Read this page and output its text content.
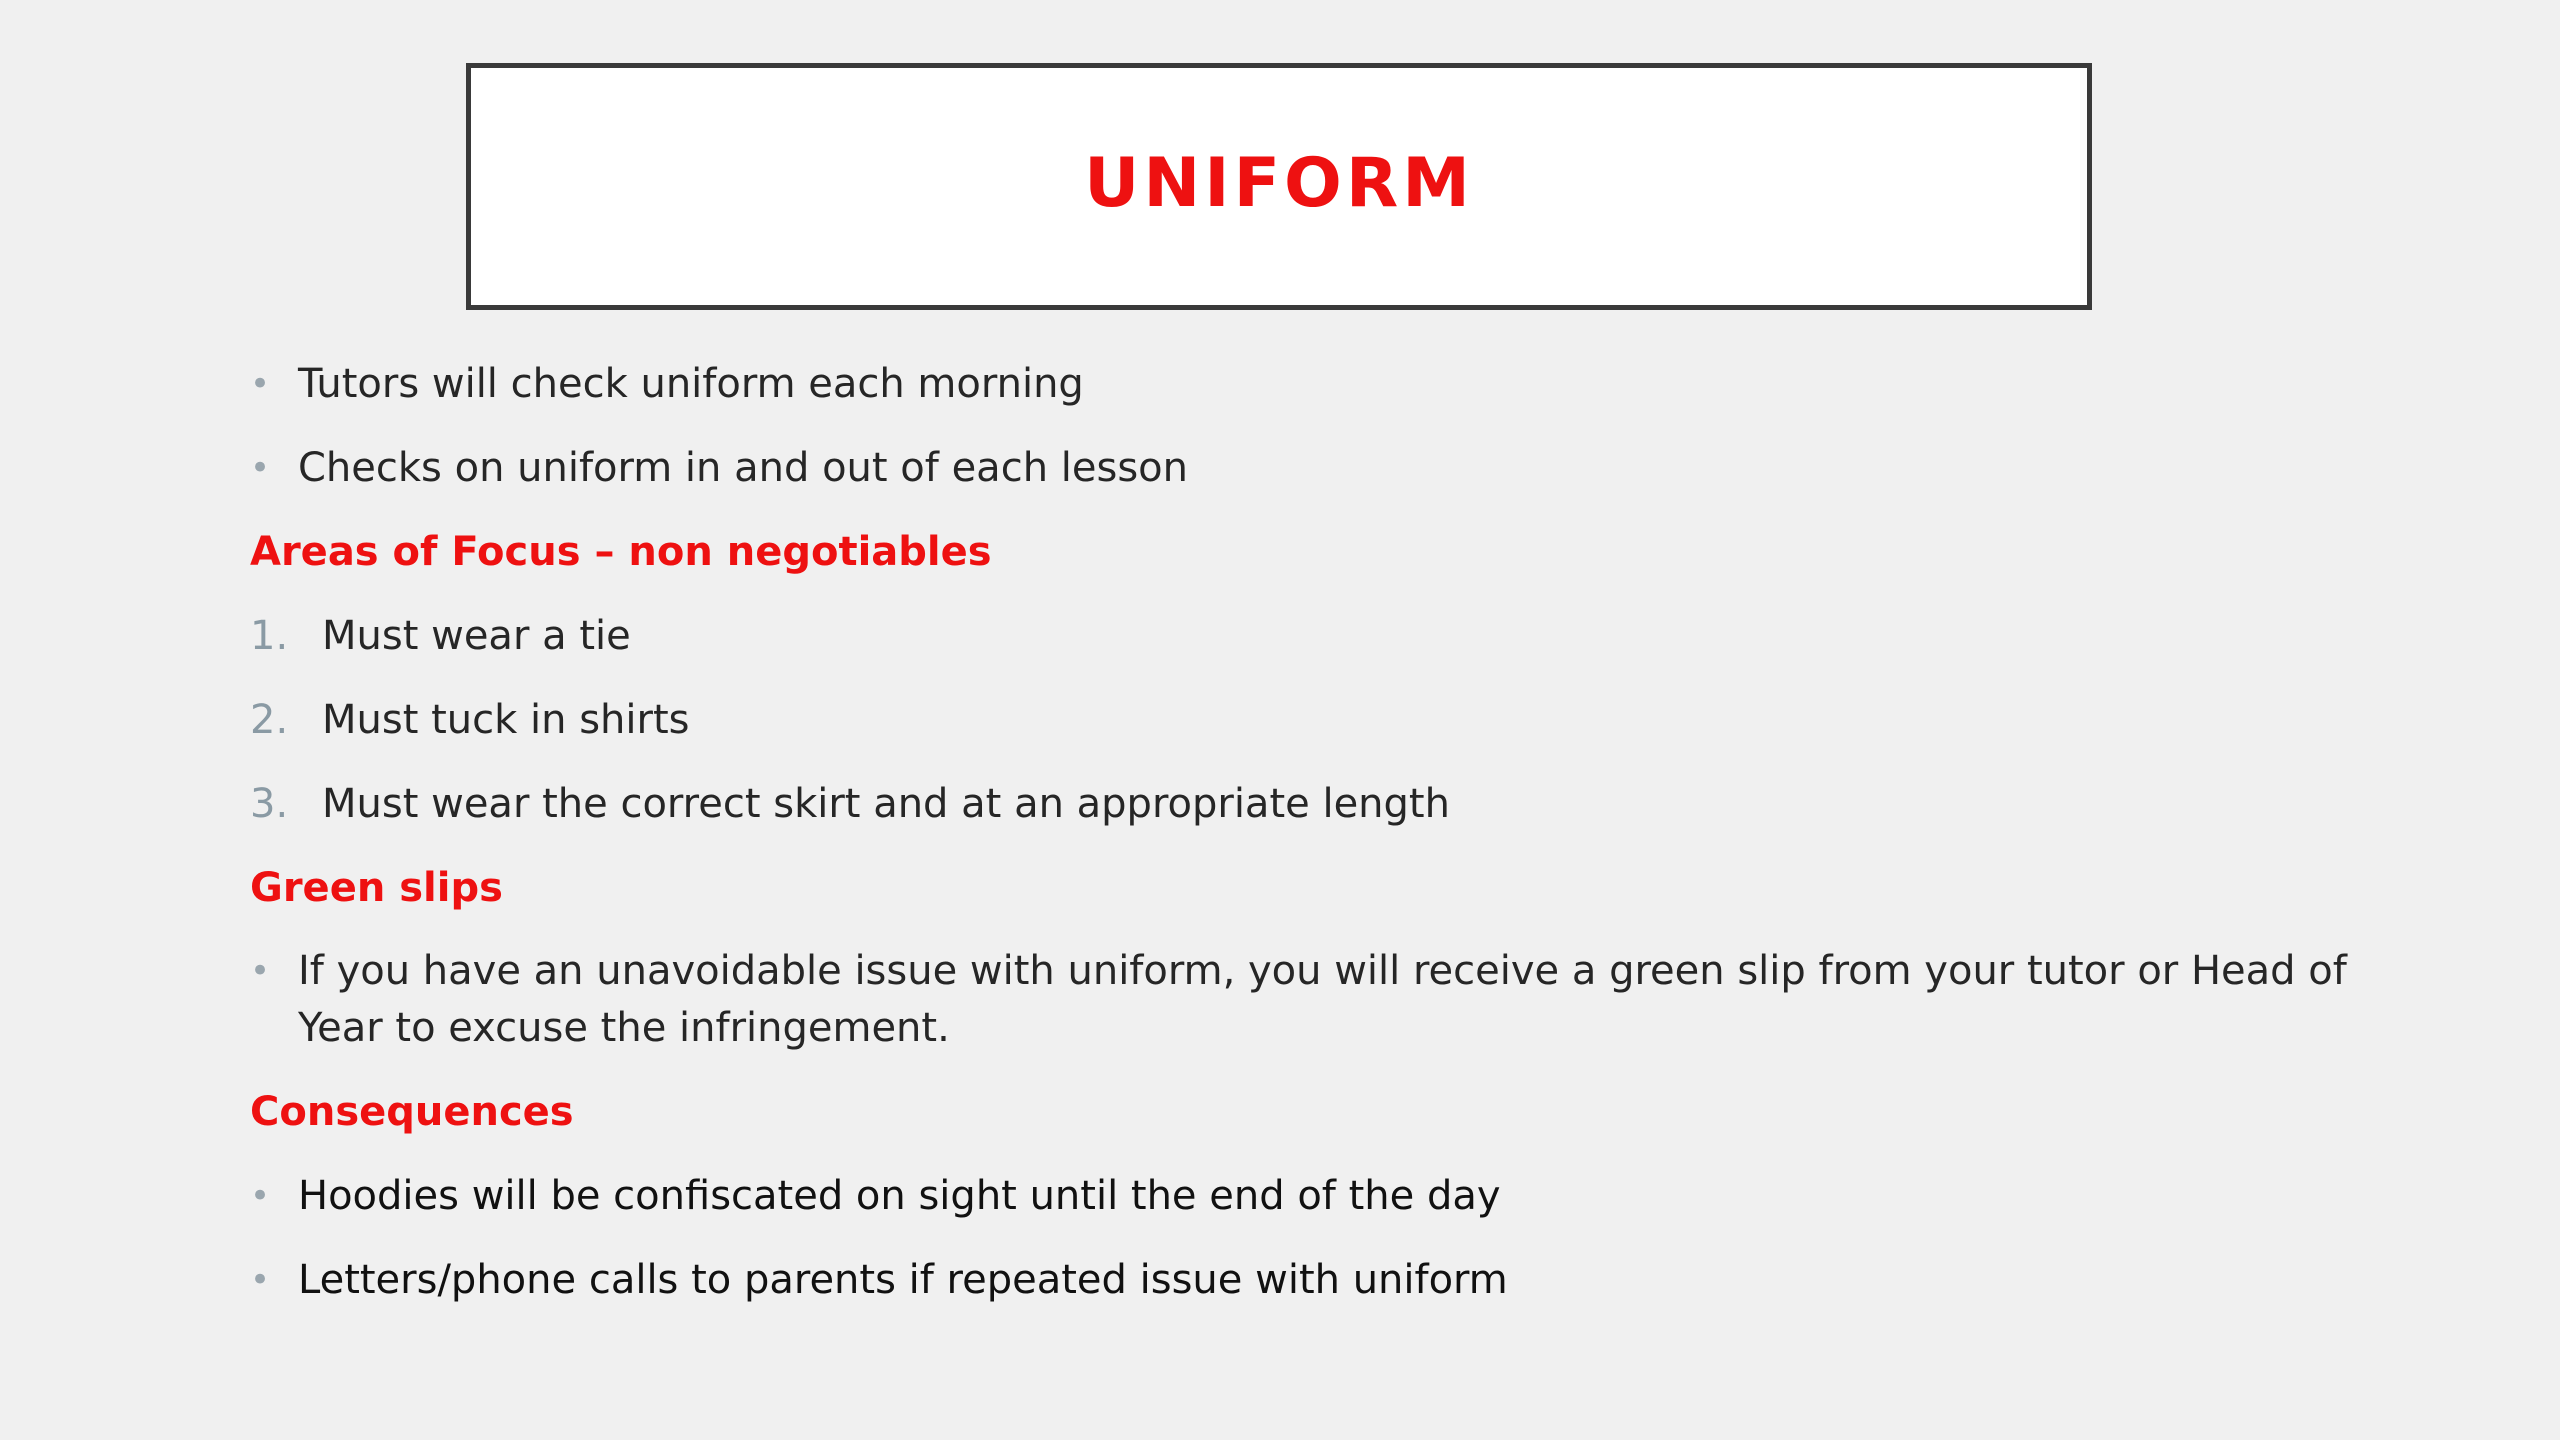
UNIFORM
• Tutors will check uniform each morning
• Checks on uniform in and out of each lesson
Areas of Focus – non negotiables
1. Must wear a tie
2. Must tuck in shirts
3. Must wear the correct skirt and at an appropriate length
Green slips
• If you have an unavoidable issue with uniform, you will receive a green slip from your tutor or Head of Year to excuse the infringement.
Consequences
• Hoodies will be confiscated on sight until the end of the day
• Letters/phone calls to parents if repeated issue with uniform
